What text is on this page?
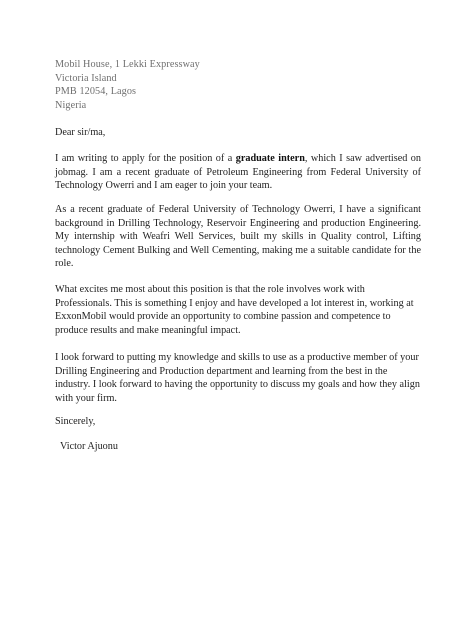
Mobil House, 1 Lekki Expressway
Victoria Island
PMB 12054, Lagos
Nigeria
Dear sir/ma,

I am writing to apply for the position of a graduate intern, which I saw advertised on jobmag. I am a recent graduate of Petroleum Engineering from Federal University of Technology Owerri and I am eager to join your team.

As a recent graduate of Federal University of Technology Owerri, I have a significant background in Drilling Technology, Reservoir Engineering and production Engineering. My internship with Weafri Well Services, built my skills in Quality control, Lifting technology Cement Bulking and Well Cementing, making me a suitable candidate for the role.

What excites me most about this position is that the role involves work with Professionals. This is something I enjoy and have developed a lot interest in, working at ExxonMobil would provide an opportunity to combine passion and competence to produce results and make meaningful impact.

I look forward to putting my knowledge and skills to use as a productive member of your Drilling Engineering and Production department and learning from the best in the industry. I look forward to having the opportunity to discuss my goals and how they align with your firm.

Sincerely,
Victor Ajuonu
